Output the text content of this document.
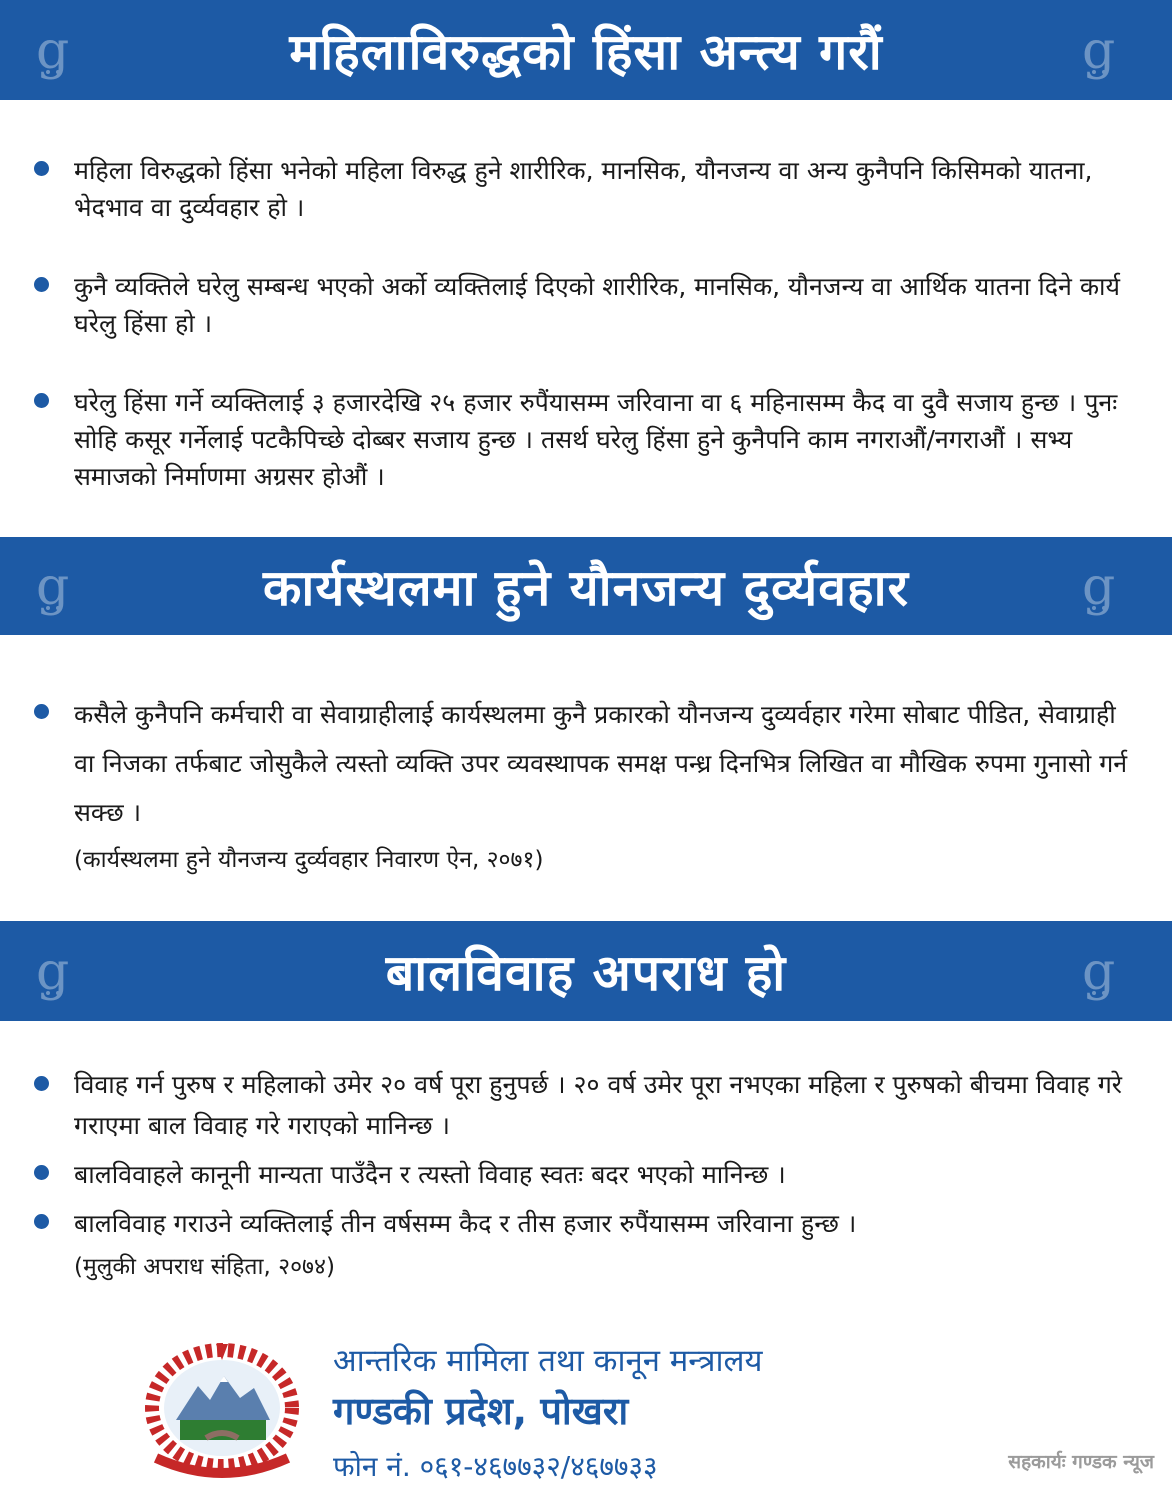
g	महिलाविरुद्धको हिंसा अन्त्य गरौं	g
महिला विरुद्धको हिंसा भनेको महिला विरुद्ध हुने शारीरिक, मानसिक, यौनजन्य वा अन्य कुनैपनि किसिमको यातना, भेदभाव वा दुर्व्यवहार हो ।
कुनै व्यक्तिले घरेलु सम्बन्ध भएको अर्को व्यक्तिलाई दिएको शारीरिक, मानसिक, यौनजन्य वा आर्थिक यातना दिने कार्य घरेलु हिंसा हो ।
घरेलु हिंसा गर्ने व्यक्तिलाई ३ हजारदेखि २५ हजार रुपैंयासम्म जरिवाना वा ६ महिनासम्म कैद वा दुवै सजाय हुन्छ । पुनः सोहि कसूर गर्नेलाई पटकैपिच्छे दोब्बर सजाय हुन्छ । तसर्थ घरेलु हिंसा हुने कुनैपनि काम नगराऔं/नगराऔं । सभ्य समाजको निर्माणमा अग्रसर होऔं ।
g	कार्यस्थलमा हुने यौनजन्य दुर्व्यवहार	g
कसैले कुनैपनि कर्मचारी वा सेवाग्राहीलाई कार्यस्थलमा कुनै प्रकारको यौनजन्य दुव्यर्वहार गरेमा सोबाट पीडित, सेवाग्राही वा निजका तर्फबाट जोसुकैले त्यस्तो व्यक्ति उपर व्यवस्थापक समक्ष पन्ध्र दिनभित्र लिखित वा मौखिक रुपमा गुनासो गर्न सक्छ ।
(कार्यस्थलमा हुने यौनजन्य दुर्व्यवहार निवारण ऐन, २०७१)
g	बालविवाह अपराध हो	g
विवाह गर्न पुरुष र महिलाको उमेर २० वर्ष पूरा हुनुपर्छ । २० वर्ष उमेर पूरा नभएका महिला र पुरुषको बीचमा विवाह गरे गराएमा बाल विवाह गरे गराएको मानिन्छ ।
बालविवाहले कानूनी मान्यता पाउँदैन र त्यस्तो विवाह स्वतः बदर भएको मानिन्छ ।
बालविवाह गराउने व्यक्तिलाई तीन वर्षसम्म कैद र तीस हजार रुपैंयासम्म जरिवाना हुन्छ ।
(मुलुकी अपराध संहिता, २०७४)
आन्तरिक मामिला तथा कानून मन्त्रालय
गण्डकी प्रदेश, पोखरा
फोन नं. ०६१-४६७७३२/४६७७३३	सहकार्यः गण्डक न्यूज
